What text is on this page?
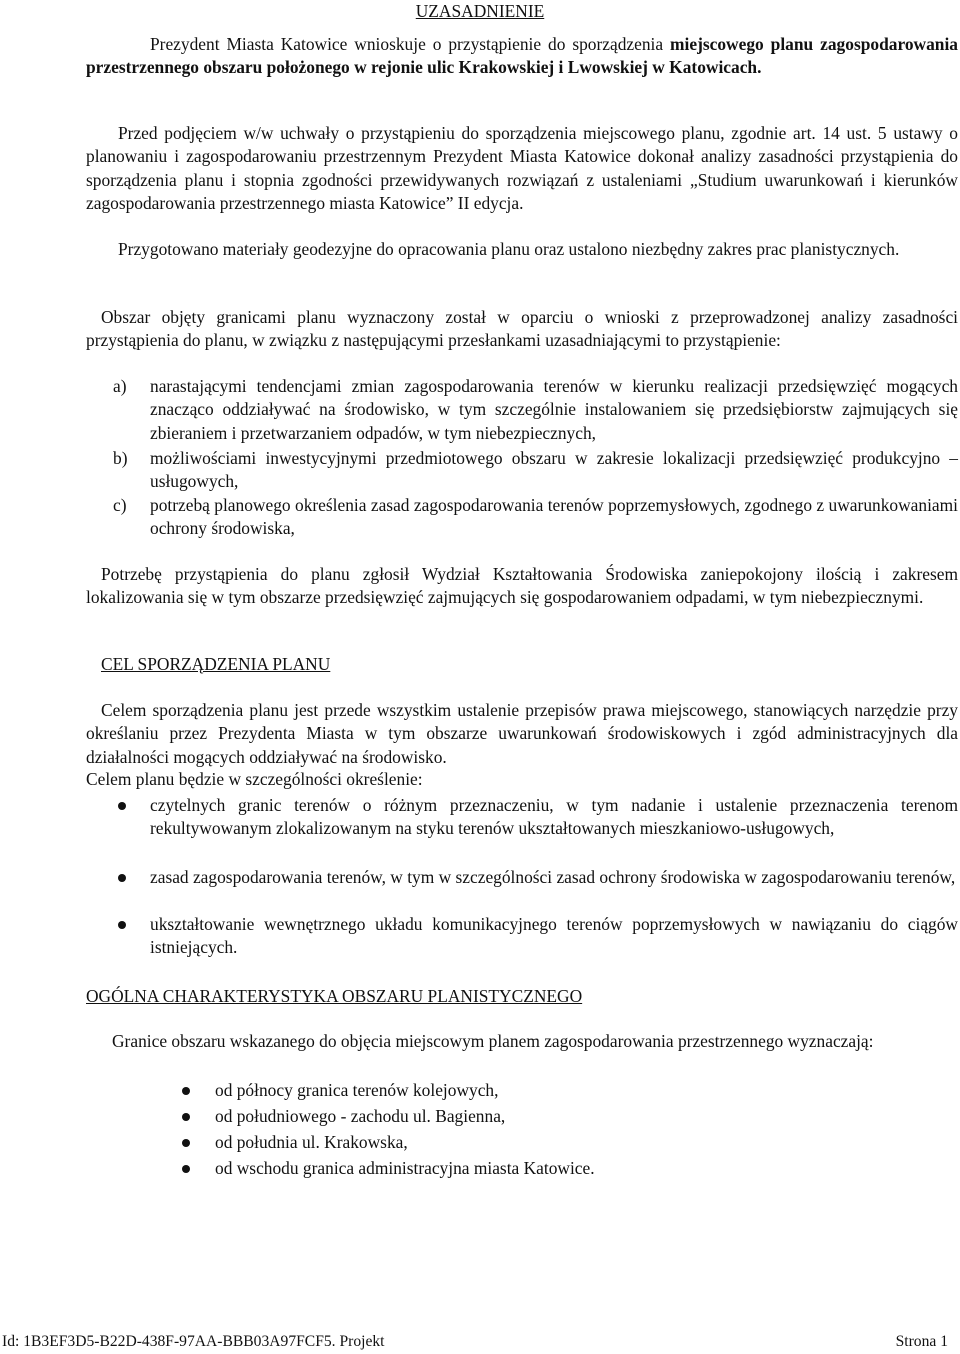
UZASADNIENIE
Prezydent Miasta Katowice wnioskuje o przystąpienie do sporządzenia miejscowego planu zagospodarowania przestrzennego obszaru położonego w rejonie ulic Krakowskiej i Lwowskiej w Katowicach.
Przed podjęciem w/w uchwały o przystąpieniu do sporządzenia miejscowego planu, zgodnie art. 14 ust. 5 ustawy o planowaniu i zagospodarowaniu przestrzennym Prezydent Miasta Katowice dokonał analizy zasadności przystąpienia do sporządzenia planu i stopnia zgodności przewidywanych rozwiązań z ustaleniami „Studium uwarunkowań i kierunków zagospodarowania przestrzennego miasta Katowice” II edycja.
Przygotowano materiały geodezyjne do opracowania planu oraz ustalono niezbędny zakres prac planistycznych.
Obszar objęty granicami planu wyznaczony został w oparciu o wnioski z przeprowadzonej analizy zasadności przystąpienia do planu, w związku z następującymi przesłankami uzasadniającymi to przystąpienie:
a) narastającymi tendencjami zmian zagospodarowania terenów w kierunku realizacji przedsięwzięć mogących znacząco oddziaływać na środowisko, w tym szczególnie instalowaniem się przedsiębiorstw zajmujących się zbieraniem i przetwarzaniem odpadów, w tym niebezpiecznych,
b) możliwościami inwestycyjnymi przedmiotowego obszaru w zakresie lokalizacji przedsięwzięć produkcyjno – usługowych,
c) potrzebą planowego określenia zasad zagospodarowania terenów poprzemysłowych, zgodnego z uwarunkowaniami ochrony środowiska,
Potrzebę przystąpienia do planu zgłosił Wydział Kształtowania Środowiska zaniepokojony ilością i zakresem lokalizowania się w tym obszarze przedsięwzięć zajmujących się gospodarowaniem odpadami, w tym niebezpiecznymi.
CEL SPORZĄDZENIA PLANU
Celem sporządzenia planu jest przede wszystkim ustalenie przepisów prawa miejscowego, stanowiących narzędzie przy określaniu przez Prezydenta Miasta w tym obszarze uwarunkowań środowiskowych i zgód administracyjnych dla działalności mogących oddziaływać na środowisko.
Celem planu będzie w szczególności określenie:
czytelnych granic terenów o różnym przeznaczeniu, w tym nadanie i ustalenie przeznaczenia terenom rekultywowanym zlokalizowanym na styku terenów ukształtowanych mieszkaniowo-usługowych,
zasad zagospodarowania terenów, w tym w szczególności zasad ochrony środowiska w zagospodarowaniu terenów,
ukształtowanie wewnętrznego układu komunikacyjnego terenów poprzemysłowych w nawiązaniu do ciągów istniejących.
OGÓLNA CHARAKTERYSTYKA OBSZARU PLANISTYCZNEGO
Granice obszaru wskazanego do objęcia miejscowym planem zagospodarowania przestrzennego wyznaczają:
od północy granica terenów kolejowych,
od południowego - zachodu ul. Bagienna,
od południa ul. Krakowska,
od wschodu granica administracyjna miasta Katowice.
Id: 1B3EF3D5-B22D-438F-97AA-BBB03A97FCF5. Projekt	Strona 1
